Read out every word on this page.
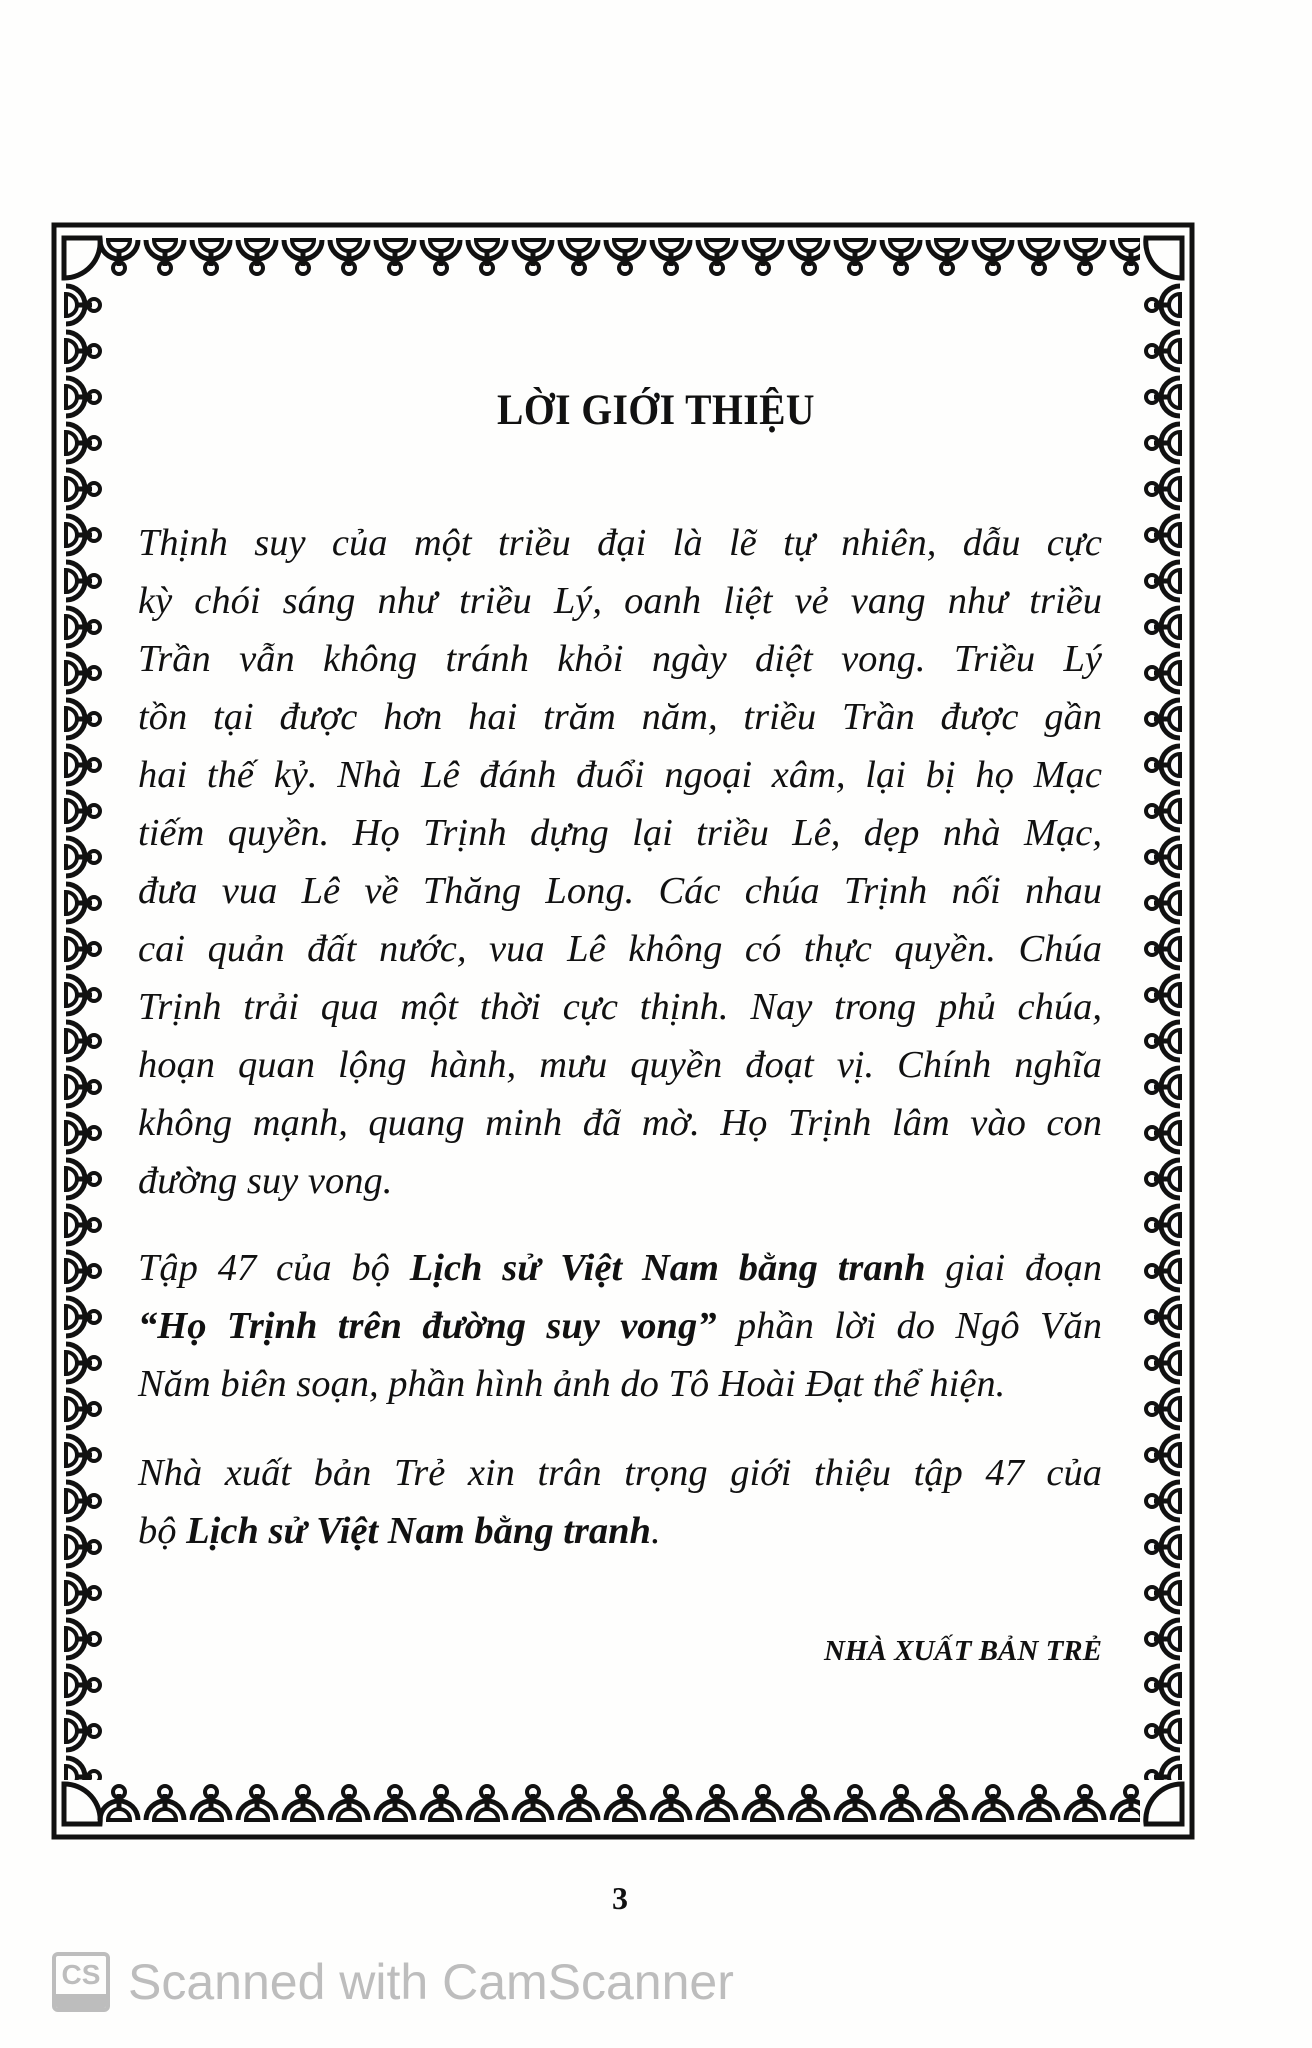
LỜI GIỚI THIỆU
Thịnh suy của một triều đại là lẽ tự nhiên, dẫu cực
kỳ chói sáng như triều Lý, oanh liệt vẻ vang như triều
Trần vẫn không tránh khỏi ngày diệt vong. Triều Lý
tồn tại được hơn hai trăm năm, triều Trần được gần
hai thế kỷ. Nhà Lê đánh đuổi ngoại xâm, lại bị họ Mạc
tiếm quyền. Họ Trịnh dựng lại triều Lê, dẹp nhà Mạc,
đưa vua Lê về Thăng Long. Các chúa Trịnh nối nhau
cai quản đất nước, vua Lê không có thực quyền. Chúa
Trịnh trải qua một thời cực thịnh. Nay trong phủ chúa,
hoạn quan lộng hành, mưu quyền đoạt vị. Chính nghĩa
không mạnh, quang minh đã mờ. Họ Trịnh lâm vào con
đường suy vong.
Tập 47 của bộ Lịch sử Việt Nam bằng tranh giai đoạn
“Họ Trịnh trên đường suy vong” phần lời do Ngô Văn
Năm biên soạn, phần hình ảnh do Tô Hoài Đạt thể hiện.
Nhà xuất bản Trẻ xin trân trọng giới thiệu tập 47 của
bộ Lịch sử Việt Nam bằng tranh.
NHÀ XUẤT BẢN TRẺ
3
CS Scanned with CamScanner
